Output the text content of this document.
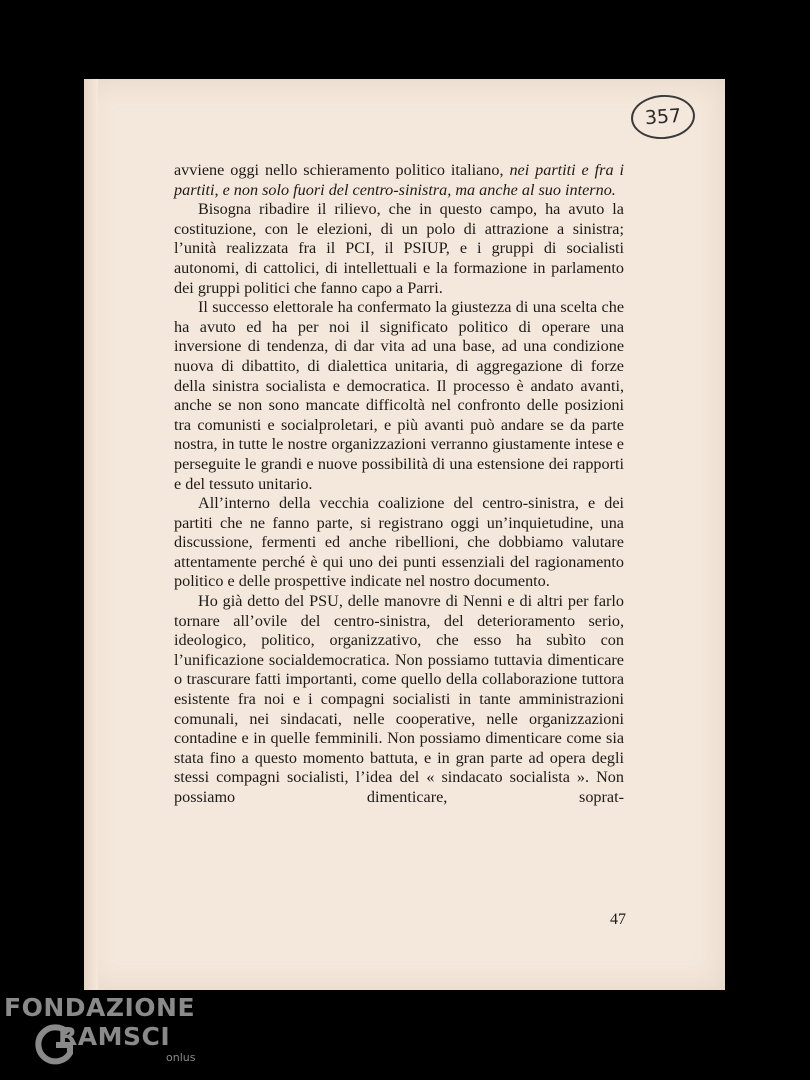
357

avviene oggi nello schieramento politico italiano, nei partiti e fra i partiti, e non solo fuori del centro-sinistra, ma anche al suo interno.

Bisogna ribadire il rilievo, che in questo campo, ha avuto la costituzione, con le elezioni, di un polo di attrazione a sinistra; l’unità realizzata fra il PCI, il PSIUP, e i gruppi di socialisti autonomi, di cattolici, di intellettuali e la formazione in parlamento dei gruppi politici che fanno capo a Parri.

Il successo elettorale ha confermato la giustezza di una scelta che ha avuto ed ha per noi il significato politico di operare una inversione di tendenza, di dar vita ad una base, ad una condizione nuova di dibattito, di dialettica unitaria, di aggregazione di forze della sinistra socialista e democratica. Il processo è andato avanti, anche se non sono mancate difficoltà nel confronto delle posizioni tra comunisti e socialproletari, e più avanti può andare se da parte nostra, in tutte le nostre organizzazioni verranno giustamente intese e perseguite le grandi e nuove possibilità di una estensione dei rapporti e del tessuto unitario.

All’interno della vecchia coalizione del centro-sinistra, e dei partiti che ne fanno parte, si registrano oggi un’inquietudine, una discussione, fermenti ed anche ribellioni, che dobbiamo valutare attentamente perché è qui uno dei punti essenziali del ragionamento politico e delle prospettive indicate nel nostro documento.

Ho già detto del PSU, delle manovre di Nenni e di altri per farlo tornare all’ovile del centro-sinistra, del deterioramento serio, ideologico, politico, organizzativo, che esso ha subìto con l’unificazione socialdemocratica. Non possiamo tuttavia dimenticare o trascurare fatti importanti, come quello della collaborazione tuttora esistente fra noi e i compagni socialisti in tante amministrazioni comunali, nei sindacati, nelle cooperative, nelle organizzazioni contadine e in quelle femminili. Non possiamo dimenticare come sia stata fino a questo momento battuta, e in gran parte ad opera degli stessi compagni socialisti, l’idea del « sindacato socialista ». Non possiamo dimenticare, soprat-

47
FONDAZIONE
RAMSCI
onlus
